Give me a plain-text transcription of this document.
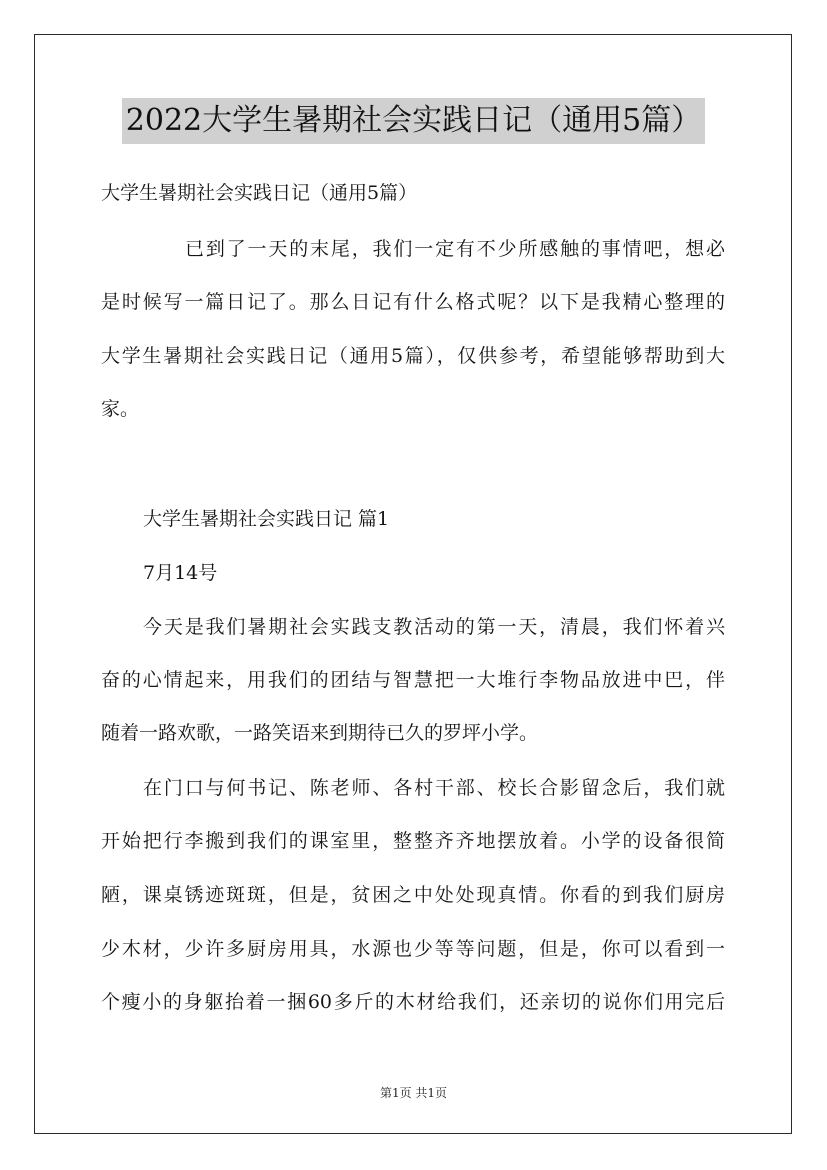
2022大学生暑期社会实践日记（通用5篇）
大学生暑期社会实践日记（通用5篇）
已到了一天的末尾，我们一定有不少所感触的事情吧，想必
是时候写一篇日记了。那么日记有什么格式呢？以下是我精心整理的
大学生暑期社会实践日记（通用5篇），仅供参考，希望能够帮助到大
家。
大学生暑期社会实践日记 篇1
7月14号
今天是我们暑期社会实践支教活动的第一天，清晨，我们怀着兴
奋的心情起来，用我们的团结与智慧把一大堆行李物品放进中巴，伴
随着一路欢歌，一路笑语来到期待已久的罗坪小学。
在门口与何书记、陈老师、各村干部、校长合影留念后，我们就
开始把行李搬到我们的课室里，整整齐齐地摆放着。小学的设备很简
陋，课桌锈迹斑斑，但是，贫困之中处处现真情。你看的到我们厨房
少木材，少许多厨房用具，水源也少等等问题，但是，你可以看到一
个瘦小的身躯抬着一捆60多斤的木材给我们，还亲切的说你们用完后
第1页 共1页
